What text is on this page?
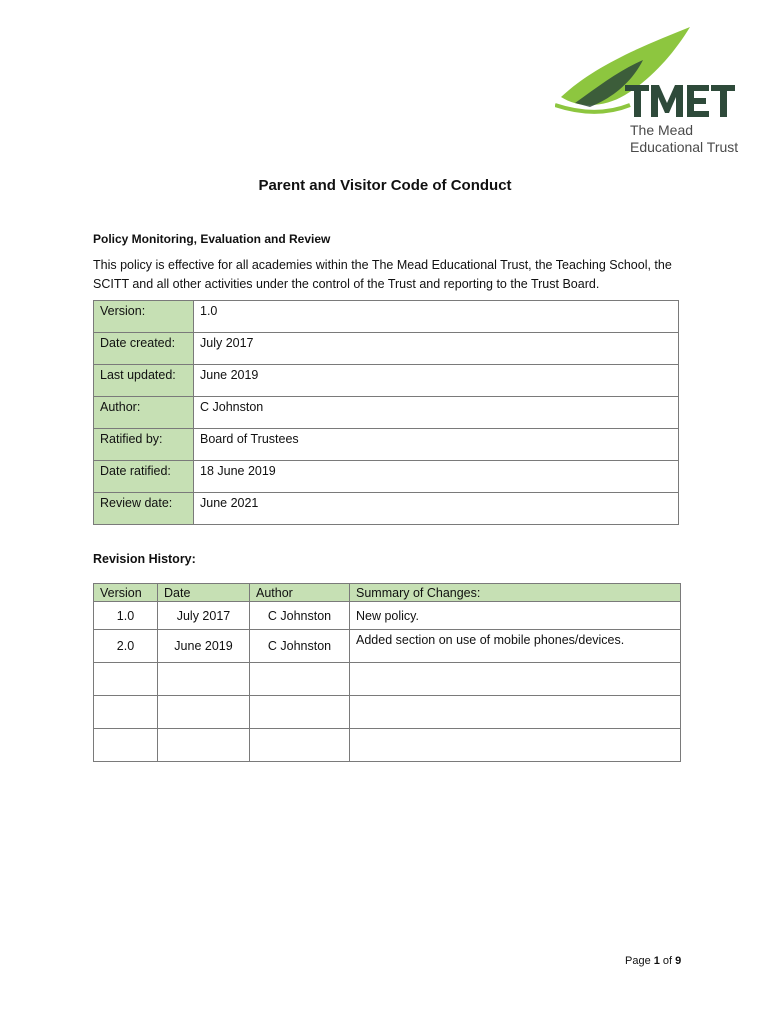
The Mead
Educational Trust
Parent and Visitor Code of Conduct
Policy Monitoring, Evaluation and Review
This policy is effective for all academies within the The Mead Educational Trust, the Teaching School, the SCITT and all other activities under the control of the Trust and reporting to the Trust Board.
Version:	1.0
Date created:	July 2017
Last updated:	June 2019
Author:	C Johnston
Ratified by:	Board of Trustees
Date ratified:	18 June 2019
Review date:	June 2021
Revision History:
Version	Date	Author	Summary of Changes:
1.0	July 2017	C Johnston	New policy.
2.0	June 2019	C Johnston	Added section on use of mobile phones/devices.

Page 1 of 9
